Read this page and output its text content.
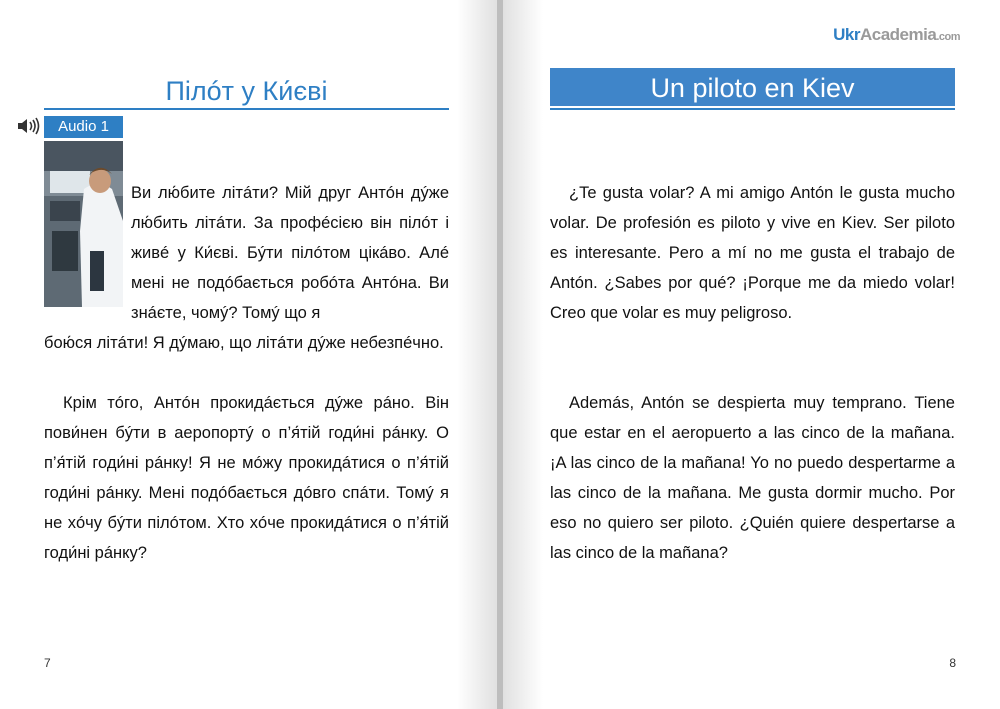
Пілóт у Ки́єві
Audio 1
Ви лю́бите літáти? Мій друг Антóн дýже лю́бить літáти. За профéсією він пілóт і живé у Ки́єві. Бýти пілóтом цікáво. Алé мені не подóбається робóта Антóна. Ви знáєте, чомý? Томý що я
бою́ся літáти! Я дýмаю, що літáти дýже небезпéчно.
Крім тóго, Антóн прокидáється дýже рáно. Він пови́нен бýти в аеропортý о п’я́тій годи́ні рáнку. О п’я́тій годи́ні рáнку! Я не мóжу прокидáтися о п’я́тій годи́ні рáнку. Мені подóбається дóвго спáти. Томý я не хóчу бýти пілóтом. Хто хóче прокидáтися о п’я́тій годи́ні рáнку?
7
UkrAcademia.com
Un piloto en Kiev
¿Te gusta volar? A mi amigo Antón le gusta mucho volar. De profesión es piloto y vive en Kiev. Ser piloto es interesante. Pero a mí no me gusta el trabajo de Antón. ¿Sabes por qué? ¡Porque me da miedo volar! Creo que volar es muy peligroso.
Además, Antón se despierta muy temprano. Tiene que estar en el aeropuerto a las cinco de la mañana. ¡A las cinco de la mañana! Yo no puedo despertarme a las cinco de la mañana. Me gusta dormir mucho. Por eso no quiero ser piloto. ¿Quién quiere despertarse a las cinco de la mañana?
8
